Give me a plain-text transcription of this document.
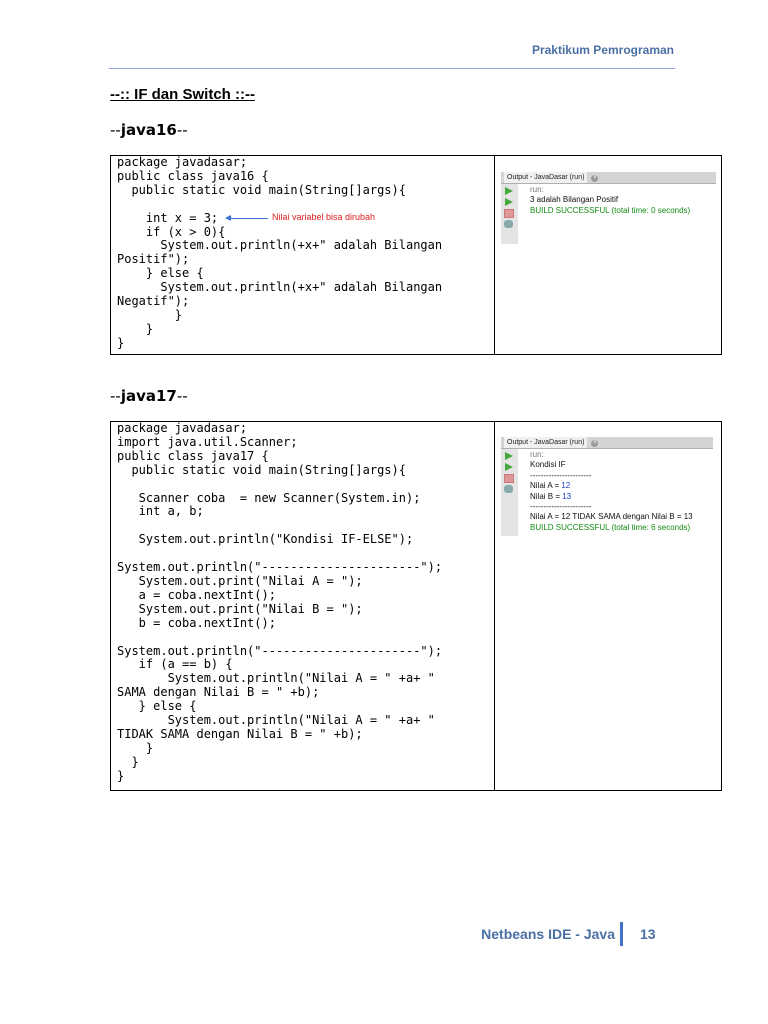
Praktikum Pemrograman
--:: IF dan Switch ::--
--java16--
package javadasar;
public class java16 {
public static void main(String[]args){

int x = 3;
if (x > 0){
System.out.println(+x+" adalah Bilangan
Positif");
} else {
System.out.println(+x+" adalah Bilangan
Negatif");
}
}
}

Output - JavaDasar (run) ×
run:
3 adalah Bilangan Positif
BUILD SUCCESSFUL (total time: 0 seconds)
Nilai variabel bisa dirubah
--java17--
package javadasar;
import java.util.Scanner;
public class java17 {
public static void main(String[]args){

Scanner coba  = new Scanner(System.in);
int a, b;

System.out.println("Kondisi IF-ELSE");

System.out.println("----------------------");
System.out.print("Nilai A = ");
a = coba.nextInt();
System.out.print("Nilai B = ");
b = coba.nextInt();

System.out.println("----------------------");
if (a == b) {
System.out.println("Nilai A = " +a+ "
SAMA dengan Nilai B = " +b);
} else {
System.out.println("Nilai A = " +a+ "
TIDAK SAMA dengan Nilai B = " +b);
}
}
}

Output - JavaDasar (run) ×
run:
Kondisi IF
-----------------------
Nilai A = 12
Nilai B = 13
-----------------------
Nilai A = 12 TIDAK SAMA dengan Nilai B = 13
BUILD SUCCESSFUL (total time: 6 seconds)
Netbeans IDE - Java 13
